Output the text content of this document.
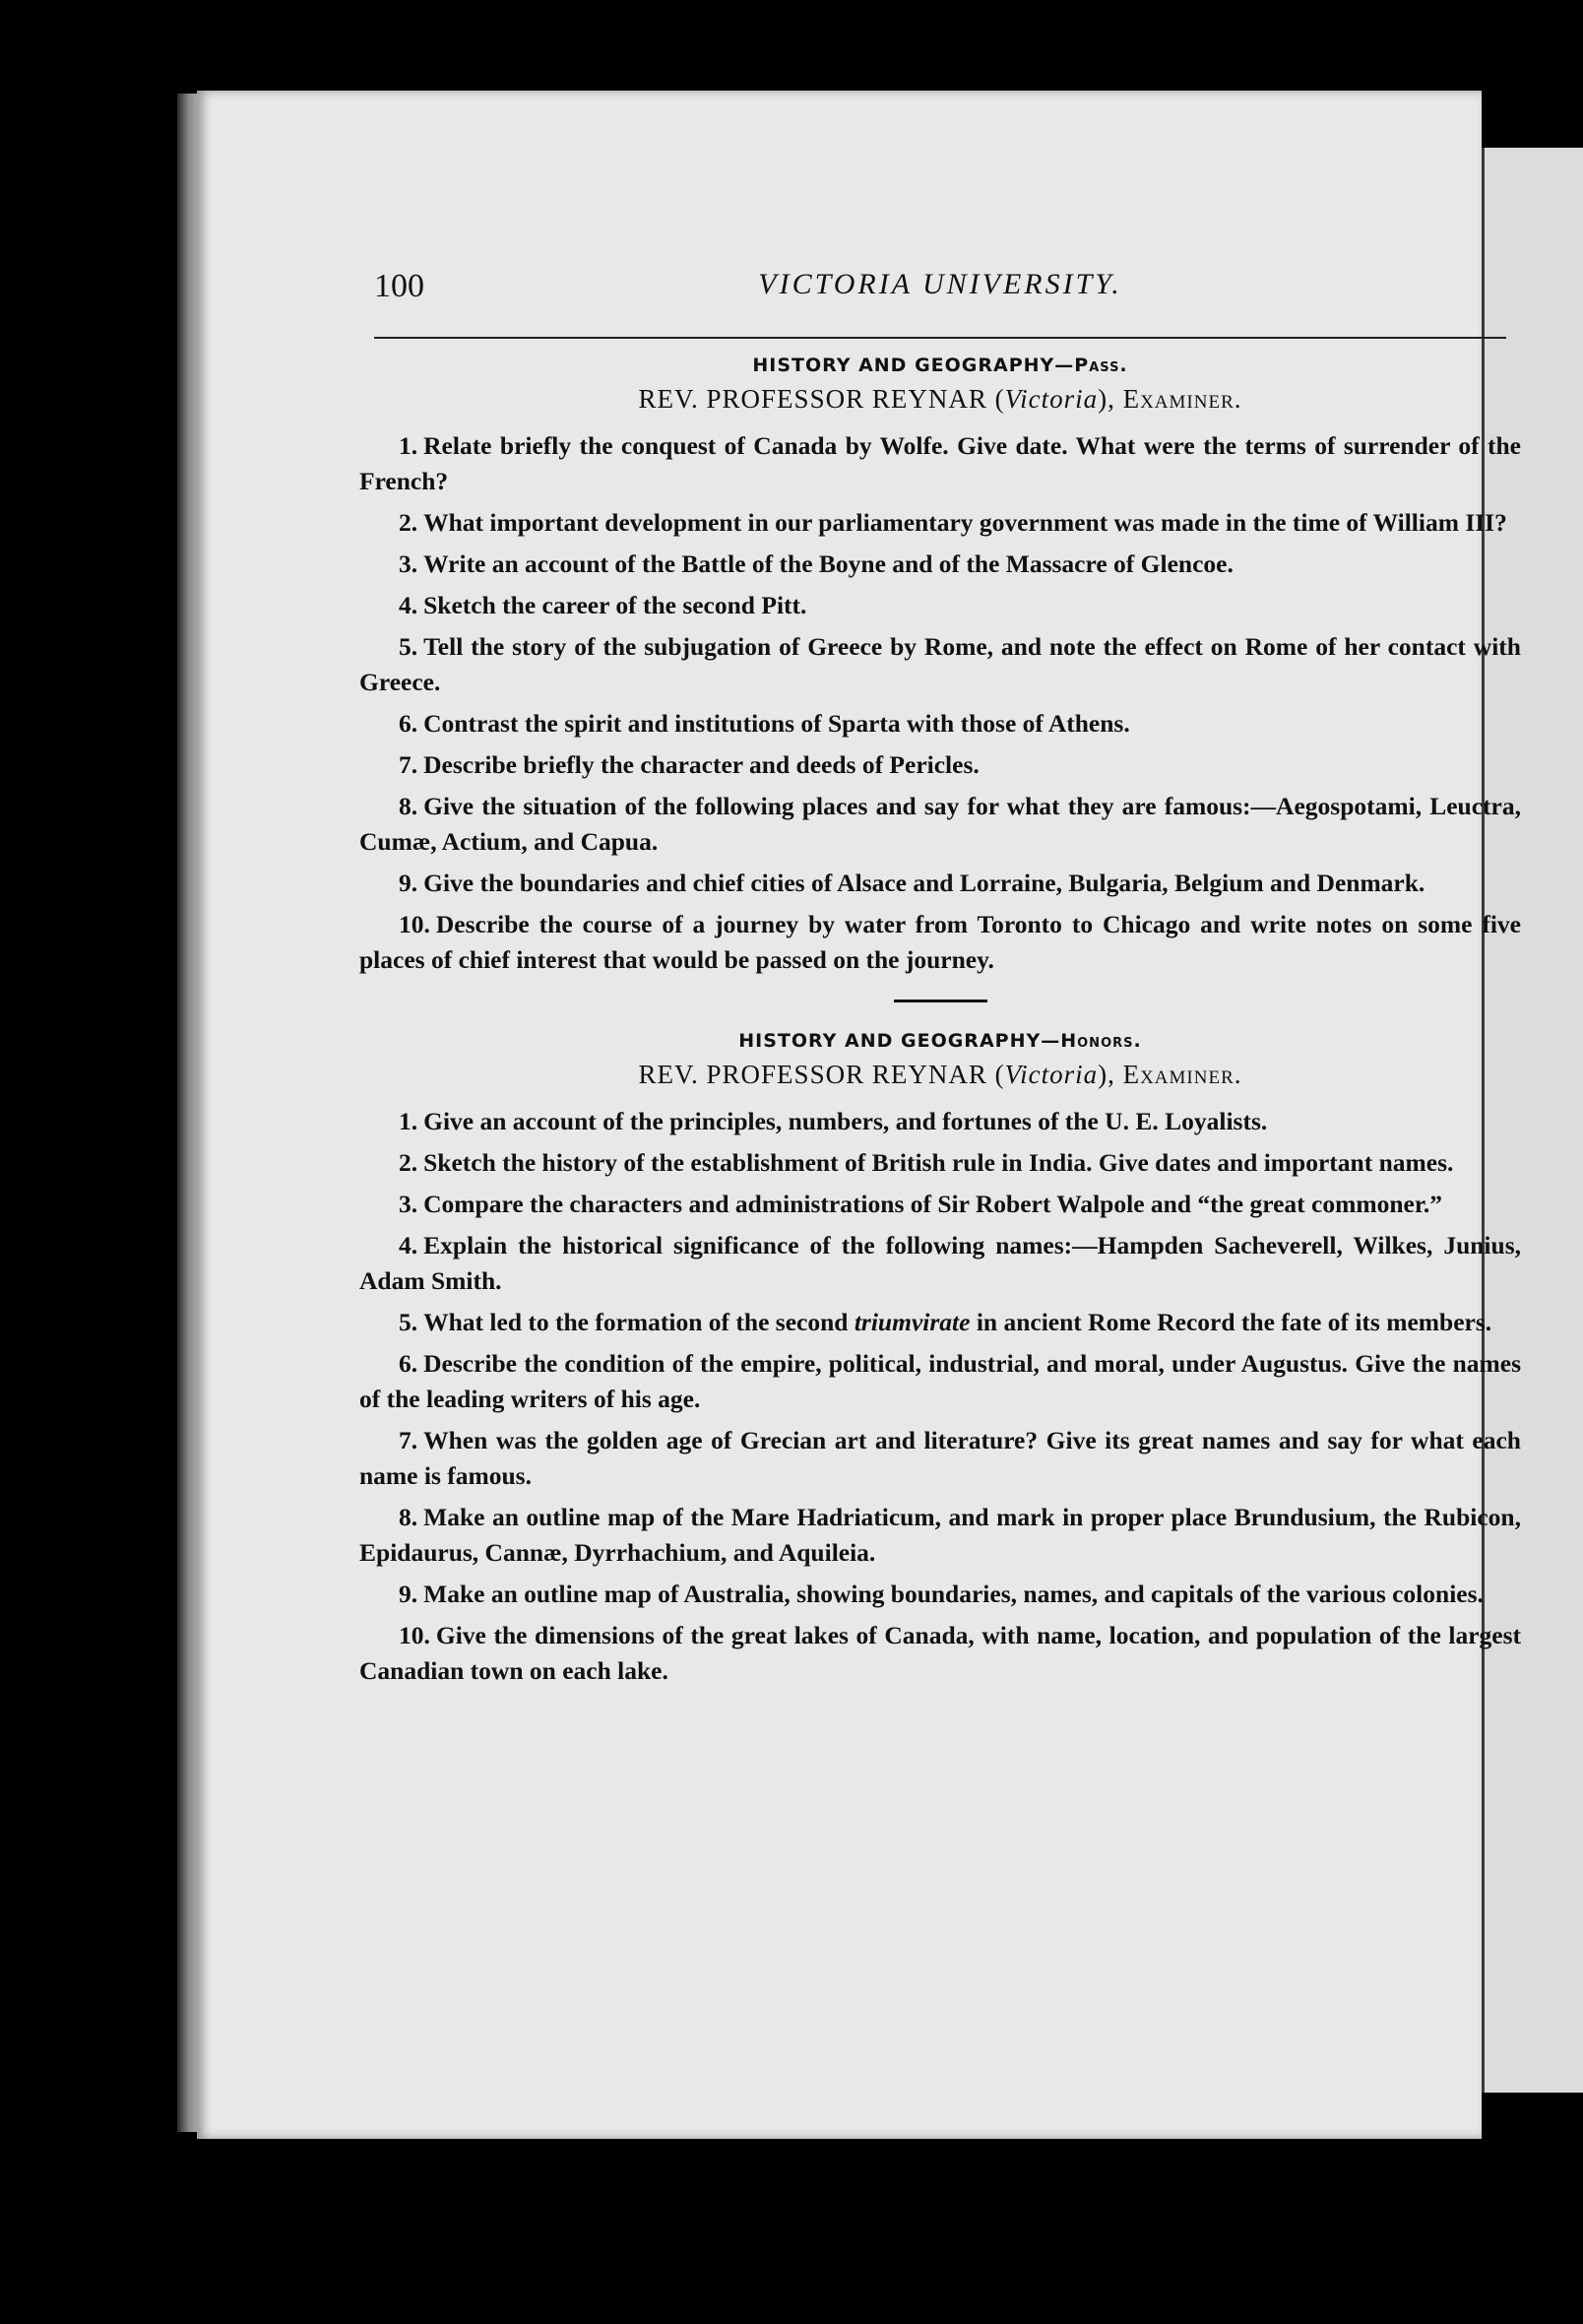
100	VICTORIA UNIVERSITY.
HISTORY AND GEOGRAPHY—Pass.
REV. PROFESSOR REYNAR (Victoria), Examiner.

1. Relate briefly the conquest of Canada by Wolfe. Give date. What were the terms of surrender of the French?

2. What important development in our parliamentary government was made in the time of William III?

3. Write an account of the Battle of the Boyne and of the Massacre of Glencoe.

4. Sketch the career of the second Pitt.

5. Tell the story of the subjugation of Greece by Rome, and note the effect on Rome of her contact with Greece.

6. Contrast the spirit and institutions of Sparta with those of Athens.

7. Describe briefly the character and deeds of Pericles.

8. Give the situation of the following places and say for what they are famous:—Aegospotami, Leuctra, Cumæ, Actium, and Capua.

9. Give the boundaries and chief cities of Alsace and Lorraine, Bulgaria, Belgium and Denmark.

10. Describe the course of a journey by water from Toronto to Chicago and write notes on some five places of chief interest that would be passed on the journey.

HISTORY AND GEOGRAPHY—Honors.
REV. PROFESSOR REYNAR (Victoria), Examiner.

1. Give an account of the principles, numbers, and fortunes of the U. E. Loyalists.

2. Sketch the history of the establishment of British rule in India. Give dates and important names.

3. Compare the characters and administrations of Sir Robert Walpole and “the great commoner.”

4. Explain the historical significance of the following names:—Hampden Sacheverell, Wilkes, Junius, Adam Smith.

5. What led to the formation of the second triumvirate in ancient Rome Record the fate of its members.

6. Describe the condition of the empire, political, industrial, and moral, under Augustus. Give the names of the leading writers of his age.

7. When was the golden age of Grecian art and literature? Give its great names and say for what each name is famous.

8. Make an outline map of the Mare Hadriaticum, and mark in proper place Brundusium, the Rubicon, Epidaurus, Cannæ, Dyrrhachium, and Aquileia.

9. Make an outline map of Australia, showing boundaries, names, and capitals of the various colonies.

10. Give the dimensions of the great lakes of Canada, with name, location, and population of the largest Canadian town on each lake.
